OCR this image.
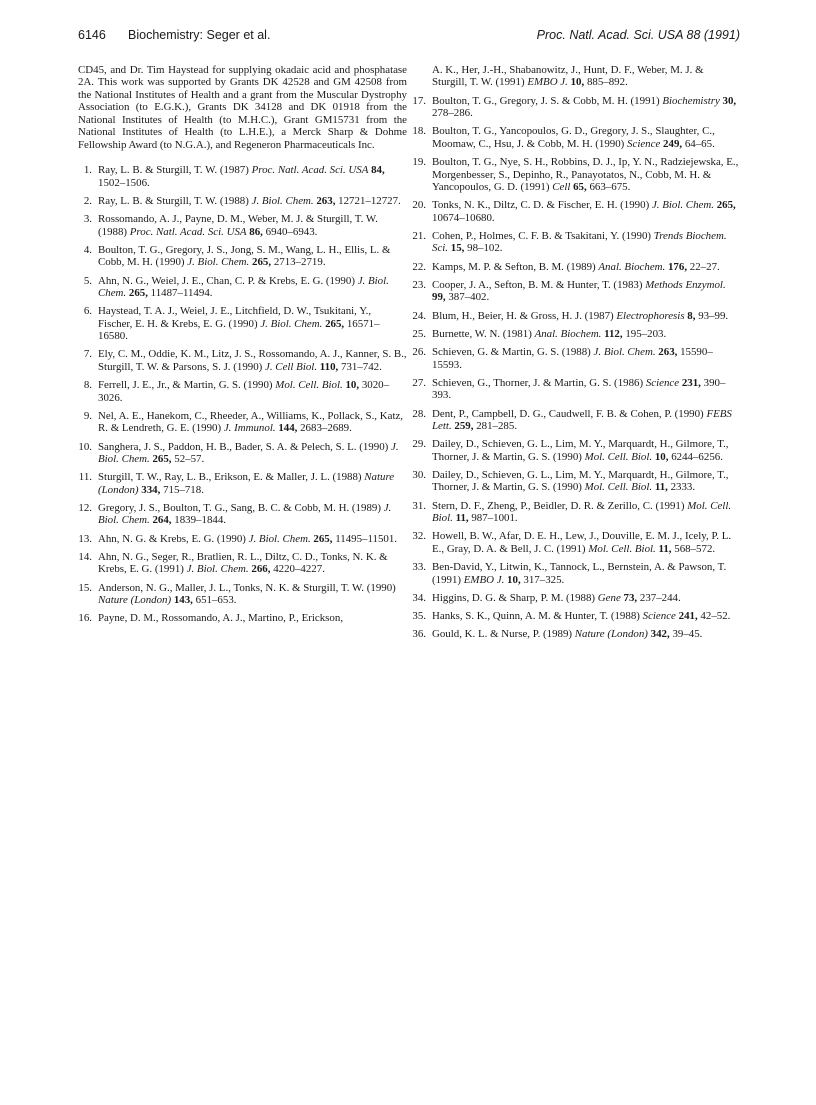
6146 Biochemistry: Seger et al.	Proc. Natl. Acad. Sci. USA 88 (1991)

CD45, and Dr. Tim Haystead for supplying okadaic acid and phosphatase 2A. This work was supported by Grants DK 42528 and GM 42508 from the National Institutes of Health and a grant from the Muscular Dystrophy Association (to E.G.K.), Grants DK 34128 and DK 01918 from the National Institutes of Health (to M.H.C.), Grant GM15731 from the National Institutes of Health (to L.H.E.), a Merck Sharp & Dohme Fellowship Award (to N.G.A.), and Regeneron Pharmaceuticals Inc.

1. Ray, L. B. & Sturgill, T. W. (1987) Proc. Natl. Acad. Sci. USA 84, 1502–1506.
2. Ray, L. B. & Sturgill, T. W. (1988) J. Biol. Chem. 263, 12721–12727.
3. Rossomando, A. J., Payne, D. M., Weber, M. J. & Sturgill, T. W. (1988) Proc. Natl. Acad. Sci. USA 86, 6940–6943.
4. Boulton, T. G., Gregory, J. S., Jong, S. M., Wang, L. H., Ellis, L. & Cobb, M. H. (1990) J. Biol. Chem. 265, 2713–2719.
5. Ahn, N. G., Weiel, J. E., Chan, C. P. & Krebs, E. G. (1990) J. Biol. Chem. 265, 11487–11494.
6. Haystead, T. A. J., Weiel, J. E., Litchfield, D. W., Tsukitani, Y., Fischer, E. H. & Krebs, E. G. (1990) J. Biol. Chem. 265, 16571–16580.
7. Ely, C. M., Oddie, K. M., Litz, J. S., Rossomando, A. J., Kanner, S. B., Sturgill, T. W. & Parsons, S. J. (1990) J. Cell Biol. 110, 731–742.
8. Ferrell, J. E., Jr., & Martin, G. S. (1990) Mol. Cell. Biol. 10, 3020–3026.
9. Nel, A. E., Hanekom, C., Rheeder, A., Williams, K., Pollack, S., Katz, R. & Lendreth, G. E. (1990) J. Immunol. 144, 2683–2689.
10. Sanghera, J. S., Paddon, H. B., Bader, S. A. & Pelech, S. L. (1990) J. Biol. Chem. 265, 52–57.
11. Sturgill, T. W., Ray, L. B., Erikson, E. & Maller, J. L. (1988) Nature (London) 334, 715–718.
12. Gregory, J. S., Boulton, T. G., Sang, B. C. & Cobb, M. H. (1989) J. Biol. Chem. 264, 1839–1844.
13. Ahn, N. G. & Krebs, E. G. (1990) J. Biol. Chem. 265, 11495–11501.
14. Ahn, N. G., Seger, R., Bratlien, R. L., Diltz, C. D., Tonks, N. K. & Krebs, E. G. (1991) J. Biol. Chem. 266, 4220–4227.
15. Anderson, N. G., Maller, J. L., Tonks, N. K. & Sturgill, T. W. (1990) Nature (London) 143, 651–653.
16. Payne, D. M., Rossomando, A. J., Martino, P., Erickson,
A. K., Her, J.-H., Shabanowitz, J., Hunt, D. F., Weber, M. J. & Sturgill, T. W. (1991) EMBO J. 10, 885–892.
17. Boulton, T. G., Gregory, J. S. & Cobb, M. H. (1991) Biochemistry 30, 278–286.
18. Boulton, T. G., Yancopoulos, G. D., Gregory, J. S., Slaughter, C., Moomaw, C., Hsu, J. & Cobb, M. H. (1990) Science 249, 64–65.
19. Boulton, T. G., Nye, S. H., Robbins, D. J., Ip, Y. N., Radziejewska, E., Morgenbesser, S., Depinho, R., Panayotatos, N., Cobb, M. H. & Yancopoulos, G. D. (1991) Cell 65, 663–675.
20. Tonks, N. K., Diltz, C. D. & Fischer, E. H. (1990) J. Biol. Chem. 265, 10674–10680.
21. Cohen, P., Holmes, C. F. B. & Tsakitani, Y. (1990) Trends Biochem. Sci. 15, 98–102.
22. Kamps, M. P. & Sefton, B. M. (1989) Anal. Biochem. 176, 22–27.
23. Cooper, J. A., Sefton, B. M. & Hunter, T. (1983) Methods Enzymol. 99, 387–402.
24. Blum, H., Beier, H. & Gross, H. J. (1987) Electrophoresis 8, 93–99.
25. Burnette, W. N. (1981) Anal. Biochem. 112, 195–203.
26. Schieven, G. & Martin, G. S. (1988) J. Biol. Chem. 263, 15590–15593.
27. Schieven, G., Thorner, J. & Martin, G. S. (1986) Science 231, 390–393.
28. Dent, P., Campbell, D. G., Caudwell, F. B. & Cohen, P. (1990) FEBS Lett. 259, 281–285.
29. Dailey, D., Schieven, G. L., Lim, M. Y., Marquardt, H., Gilmore, T., Thorner, J. & Martin, G. S. (1990) Mol. Cell. Biol. 10, 6244–6256.
30. Dailey, D., Schieven, G. L., Lim, M. Y., Marquardt, H., Gilmore, T., Thorner, J. & Martin, G. S. (1990) Mol. Cell. Biol. 11, 2333.
31. Stern, D. F., Zheng, P., Beidler, D. R. & Zerillo, C. (1991) Mol. Cell. Biol. 11, 987–1001.
32. Howell, B. W., Afar, D. E. H., Lew, J., Douville, E. M. J., Icely, P. L. E., Gray, D. A. & Bell, J. C. (1991) Mol. Cell. Biol. 11, 568–572.
33. Ben-David, Y., Litwin, K., Tannock, L., Bernstein, A. & Pawson, T. (1991) EMBO J. 10, 317–325.
34. Higgins, D. G. & Sharp, P. M. (1988) Gene 73, 237–244.
35. Hanks, S. K., Quinn, A. M. & Hunter, T. (1988) Science 241, 42–52.
36. Gould, K. L. & Nurse, P. (1989) Nature (London) 342, 39–45.
